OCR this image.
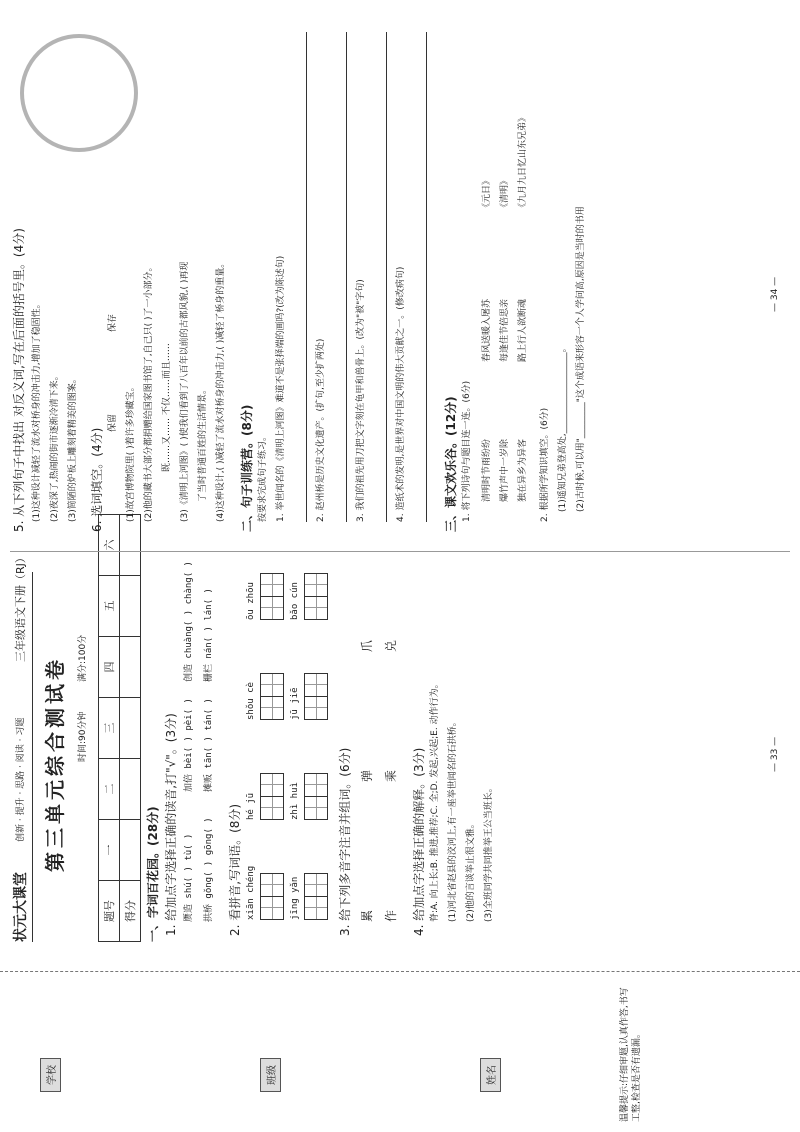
学校	班级	姓名	温馨提示:仔细审题,认真作答,书写工整,检查是否有遗漏。
状元大课堂
创新 · 提升 · 思路 · 阅读 · 习题
三年级语文下册（RJ）
第三单元综合测试卷 时间:90分钟
满分:100分
题号	一	二	三	四	五	六
得分						一、字词百花园。(28分) 1. 给加点字选择正确的读音,打"√"。(3分) 赝造 shú( ) tù( )
加倍 bèi( ) pèi( )
创造 chuàng( ) chàng( )
拱桥 gǒng( ) gōng( )
摊贩 tān( ) tán( )
栅栏 nán( ) lán( )
2. 看拼音,写词语。(8分) xiān chéng
hé jū
shǒu cè
ōu zhōu
jīng yǎn
zhì huì
jū jiē
bǎo cún
3. 给下列多音字注音并组词。(6分) 累 作
弹 乘
爪 兑
4. 给加点字选择正确的解释。(3分) 脊:A. 向上长;B. 推进,推荐;C. 全;D. 发起,兴起;E. 动作行为。 (1)河北省赵县的洨河上,有一座举世闻名的石拱桥。 (2)他的言谈举止很文雅。 (3)全班同学共同推举王公当班长。
— 33 —
5. 从下列句子中找出 对反义词,写在后面的括号里。(4分) (1)这种设计减轻了流水对桥身的冲击力,增加了稳固性。 (2)夜深了,热闹的街市逐渐冷清下来。 (3)简陋的炉板上雕刻着精美的图案。 6. 选词填空。(4分)
保留
保存
(1)故宫博物院里( )着许多珍藏宝。 (2)他的藏书大部分都捐赠给国家图书馆了,自己只( )了一小部分。 既……又…… 不仅……而且…… (3)《清明上河图》( )使我们看到了八百年以前的古都风貌,( )再现 了当时普通百姓的生活情景。 (4)这种设计,( )减轻了流水对桥身的冲击力,( )减轻了桥身的重量。 二、句子训练营。(8分) 按要求完成句子练习。 1. 举世闻名的《清明上河图》难道不是张择端的画吗?(改为陈述句)	2. 赵州桥是历史文化遗产。(扩句,至少扩两处)	3. 我们的祖先用刀把文字刻在龟甲和兽骨上。(改为"被"字句)	4. 造纸术的发明,是世界对中国文明的伟大贡献之一。(修改病句)	三、课文欢乐谷。(12分) 1. 将下列诗句与题目连一连。(6分) 清明时节雨纷纷 爆竹声中一岁除 独在异乡为异客
春风送暖入屠苏 每逢佳节倍思亲 路上行人欲断魂
《元日》 《清明》 《九月九日忆山东兄弟》
2. 根据所学知识填空。(6分) (1)遥知兄弟登高处,__________________。 (2)古时候,可以用"________"这个成语来形容一个人学问高,原因是当时的书用	— 34 —
